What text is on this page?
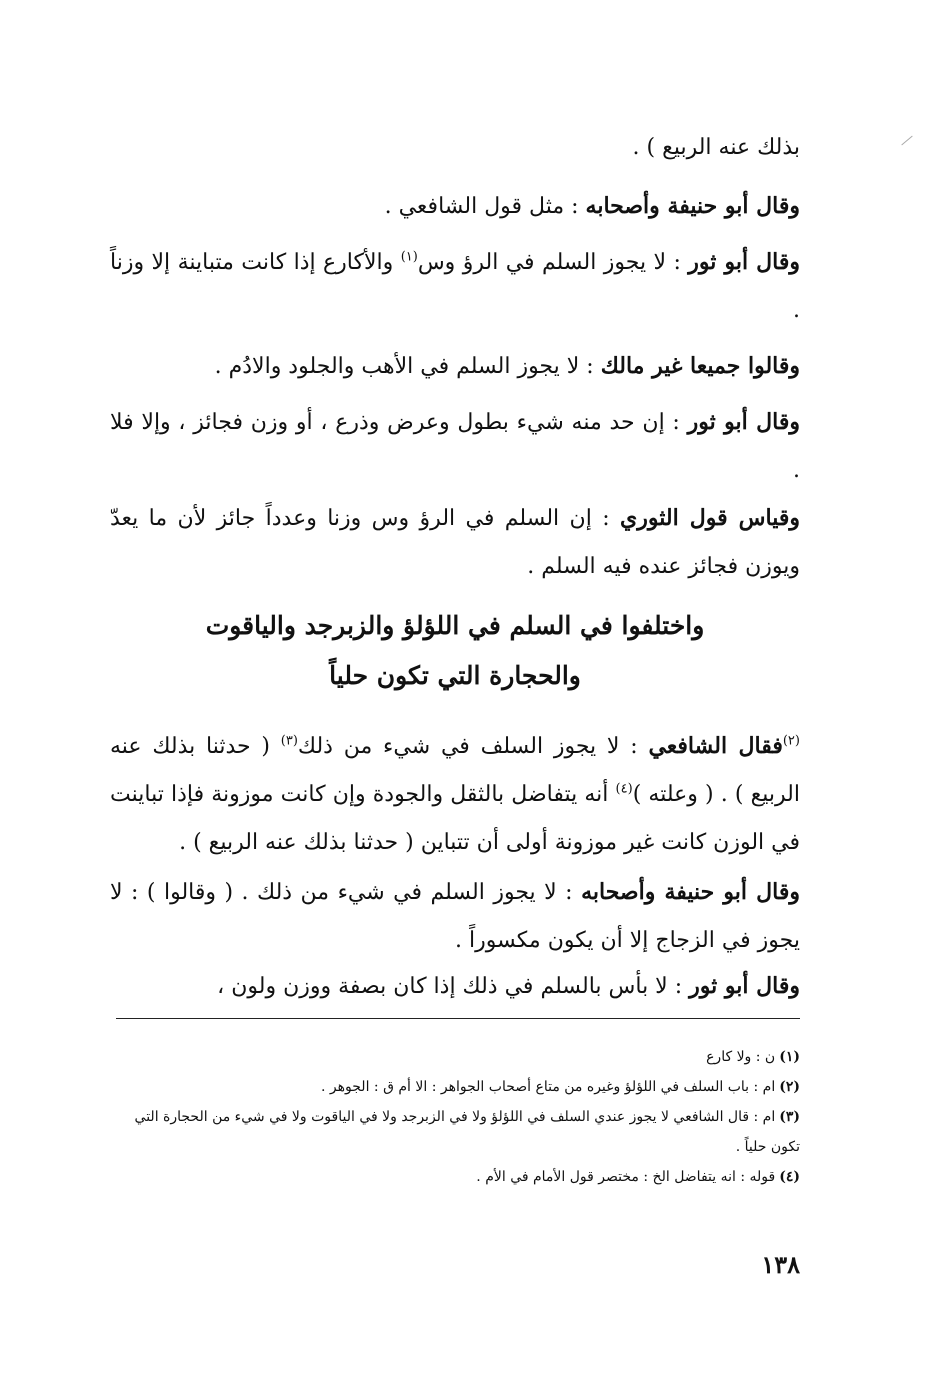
بذلك عنه الربيع ) .

وقال أبو حنيفة وأصحابه : مثل قول الشافعي .

وقال أبو ثور : لا يجوز السلم في الرؤ وس$^{(١)}$ والأكارع إذا كانت متباينة إلا وزناً .

وقالوا جميعا غير مالك : لا يجوز السلم في الأهب والجلود والادُم .

وقال أبو ثور : إن حد منه شيء بطول وعرض وذرع ، أو وزن فجائز ، وإلا فلا .

وقياس قول الثوري : إن السلم في الرؤ وس وزنا وعدداً جائز لأن ما يعدّ ويوزن فجائز عنده فيه السلم .

واختلفوا في السلم في اللؤلؤ والزبرجد والياقوت
والحجارة التي تكون حلياً

$^{(٢)}$فقال الشافعي : لا يجوز السلف في شيء من ذلك$^{(٣)}$ ( حدثنا بذلك عنه الربيع ) . ( وعلته )$^{(٤)}$ أنه يتفاضل بالثقل والجودة وإن كانت موزونة فإذا تباينت في الوزن كانت غير موزونة أولى أن تتباين ( حدثنا بذلك عنه الربيع ) .

وقال أبو حنيفة وأصحابه : لا يجوز السلم في شيء من ذلك . ( وقالوا ) : لا يجوز في الزجاج إلا أن يكون مكسوراً .

وقال أبو ثور : لا بأس بالسلم في ذلك إذا كان بصفة ووزن ولون ،

(١)ن : ولا كارع

(٢)ام : باب السلف في اللؤلؤ وغيره من متاع أصحاب الجواهر : الا أم ق : الجوهر .

(٣)ام : قال الشافعي لا يجوز عندي السلف في اللؤلؤ ولا في الزبرجد ولا في الياقوت ولا في شيء من الحجارة التي تكون حلياً .

(٤)قوله : انه يتفاضل الخ : مختصر قول الأمام في الأم .

١٣٨
